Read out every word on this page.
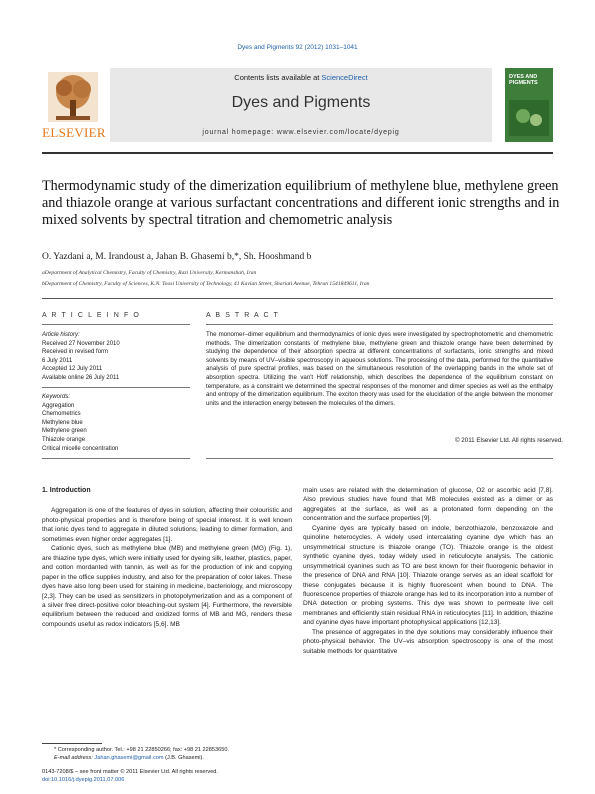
Dyes and Pigments 92 (2012) 1031–1041
ELSEVIER
Contents lists available at ScienceDirect
Dyes and Pigments
journal homepage: www.elsevier.com/locate/dyepig
DYES AND PIGMENTS
Thermodynamic study of the dimerization equilibrium of methylene blue, methylene green and thiazole orange at various surfactant concentrations and different ionic strengths and in mixed solvents by spectral titration and chemometric analysis
O. Yazdani a, M. Irandoust a, Jahan B. Ghasemi b,*, Sh. Hooshmand b
aDepartment of Analytical Chemistry, Faculty of Chemistry, Razi University, Kermanshah, Iran
bDepartment of Chemistry, Faculty of Sciences, K.N. Toosi University of Technology, 41 Kavian Street, Shariati Avenue, Tehran 1541849611, Iran
A R T I C L E I N F O
Article history:
Received 27 November 2010
Received in revised form
6 July 2011
Accepted 12 July 2011
Available online 26 July 2011
Keywords:
Aggregation
Chemometrics
Methylene blue
Methylene green
Thiazole orange
Critical micelle concentration
A B S T R A C T
The monomer–dimer equilibrium and thermodynamics of ionic dyes were investigated by spectrophotometric and chemometric methods. The dimerization constants of methylene blue, methylene green and thiazole orange have been determined by studying the dependence of their absorption spectra at different concentrations of surfactants, ionic strengths and mixed solvents by means of UV–visible spectroscopy in aqueous solutions. The processing of the data, performed for the quantitative analysis of pure spectral profiles, was based on the simultaneous resolution of the overlapping bands in the whole set of absorption spectra. Utilizing the van't Hoff relationship, which describes the dependence of the equilibrium constant on temperature, as a constraint we determined the spectral responses of the monomer and dimer species as well as the enthalpy and entropy of the dimerization equilibrium. The exciton theory was used for the elucidation of the angle between the monomer units and the interaction energy between the molecules of the dimers.
© 2011 Elsevier Ltd. All rights reserved.
1. Introduction

Aggregation is one of the features of dyes in solution, affecting their colouristic and photo-physical properties and is therefore being of special interest. It is well known that ionic dyes tend to aggregate in diluted solutions, leading to dimer formation, and sometimes even higher order aggregates [1].

Cationic dyes, such as methylene blue (MB) and methylene green (MG) (Fig. 1), are thiazine type dyes, which were initially used for dyeing silk, leather, plastics, paper, and cotton mordanted with tannin, as well as for the production of ink and copying paper in the office supplies industry, and also for the preparation of color lakes. These dyes have also long been used for staining in medicine, bacteriology, and microscopy [2,3]. They can be used as sensitizers in photopolymerization and as a component of a silver free direct-positive color bleaching-out system [4]. Furthermore, the reversible equilibrium between the reduced and oxidized forms of MB and MG, renders these compounds useful as redox indicators [5,6]. MB

main uses are related with the determination of glucose, O2 or ascorbic acid [7,8]. Also previous studies have found that MB molecules existed as a dimer or as aggregates at the surface, as well as a protonated form depending on the concentration and the surface properties [9].

Cyanine dyes are typically based on indole, benzothiazole, benzoxazole and quinoline heterocycles. A widely used intercalating cyanine dye which has an unsymmetrical structure is thiazole orange (TO). Thiazole orange is the oldest synthetic cyanine dyes, today widely used in reticulocyte analysis. The cationic unsymmetrical cyanines such as TO are best known for their fluorogenic behavior in the presence of DNA and RNA [10]. Thiazole orange serves as an ideal scaffold for these conjugates because it is highly fluorescent when bound to DNA. The fluorescence properties of thiazole orange has led to its incorporation into a number of DNA detection or probing systems. This dye was shown to permeate live cell membranes and efficiently stain residual RNA in reticulocytes [11]. In addition, thiazine and cyanine dyes have important photophysical applications [12,13].

The presence of aggregates in the dye solutions may considerably influence their photo-physical behavior. The UV–vis absorption spectroscopy is one of the most suitable methods for quantitative

* Corresponding author. Tel.: +98 21 22850266; fax: +98 21 22853650.
E-mail address: Jahan.ghasemi@gmail.com (J.B. Ghasemi).
0143-7208/$ – see front matter © 2011 Elsevier Ltd. All rights reserved.
doi:10.1016/j.dyepig.2011.07.006
